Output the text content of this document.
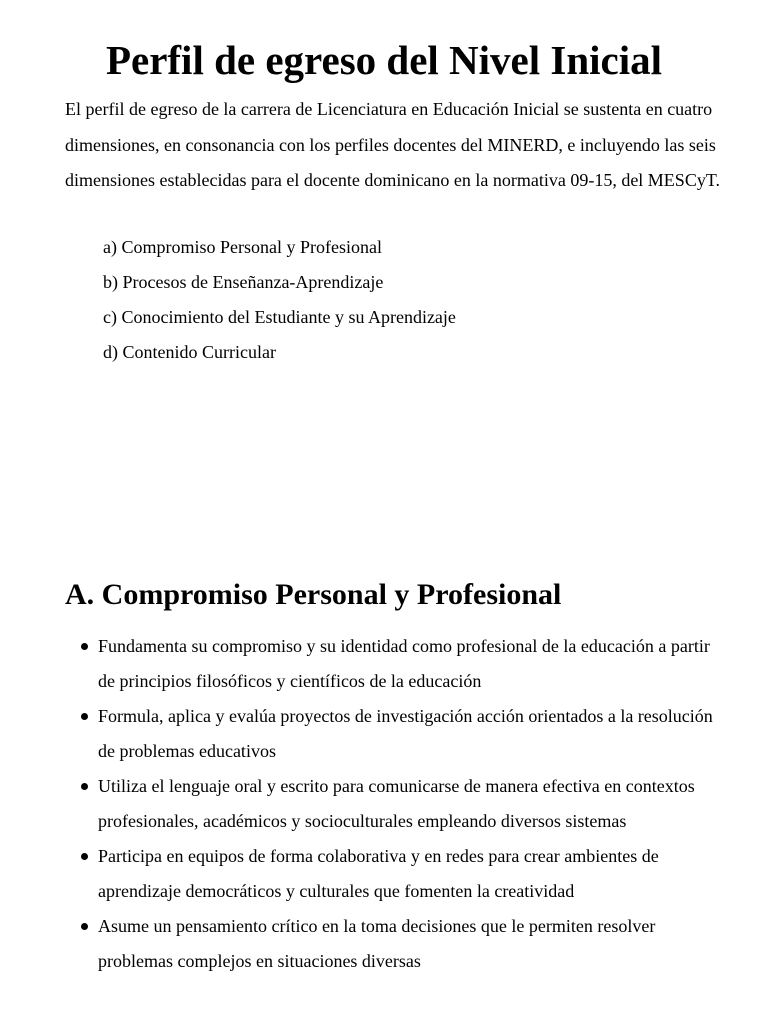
Perfil de egreso del Nivel Inicial

El perfil de egreso de la carrera de Licenciatura en Educación Inicial se sustenta en cuatro dimensiones, en consonancia con los perfiles docentes del MINERD, e incluyendo las seis dimensiones establecidas para el docente dominicano en la normativa 09-15, del MESCyT.

a) Compromiso Personal y Profesional
b) Procesos de Enseñanza-Aprendizaje
c) Conocimiento del Estudiante y su Aprendizaje
d) Contenido Curricular
A. Compromiso Personal y Profesional
Fundamenta su compromiso y su identidad como profesional de la educación a partir de principios filosóficos y científicos de la educación
Formula, aplica y evalúa proyectos de investigación acción orientados a la resolución de problemas educativos
Utiliza el lenguaje oral y escrito para comunicarse de manera efectiva en contextos profesionales, académicos y socioculturales empleando diversos sistemas
Participa en equipos de forma colaborativa y en redes para crear ambientes de aprendizaje democráticos y culturales que fomenten la creatividad
Asume un pensamiento crítico en la toma decisiones que le permiten resolver problemas complejos en situaciones diversas
